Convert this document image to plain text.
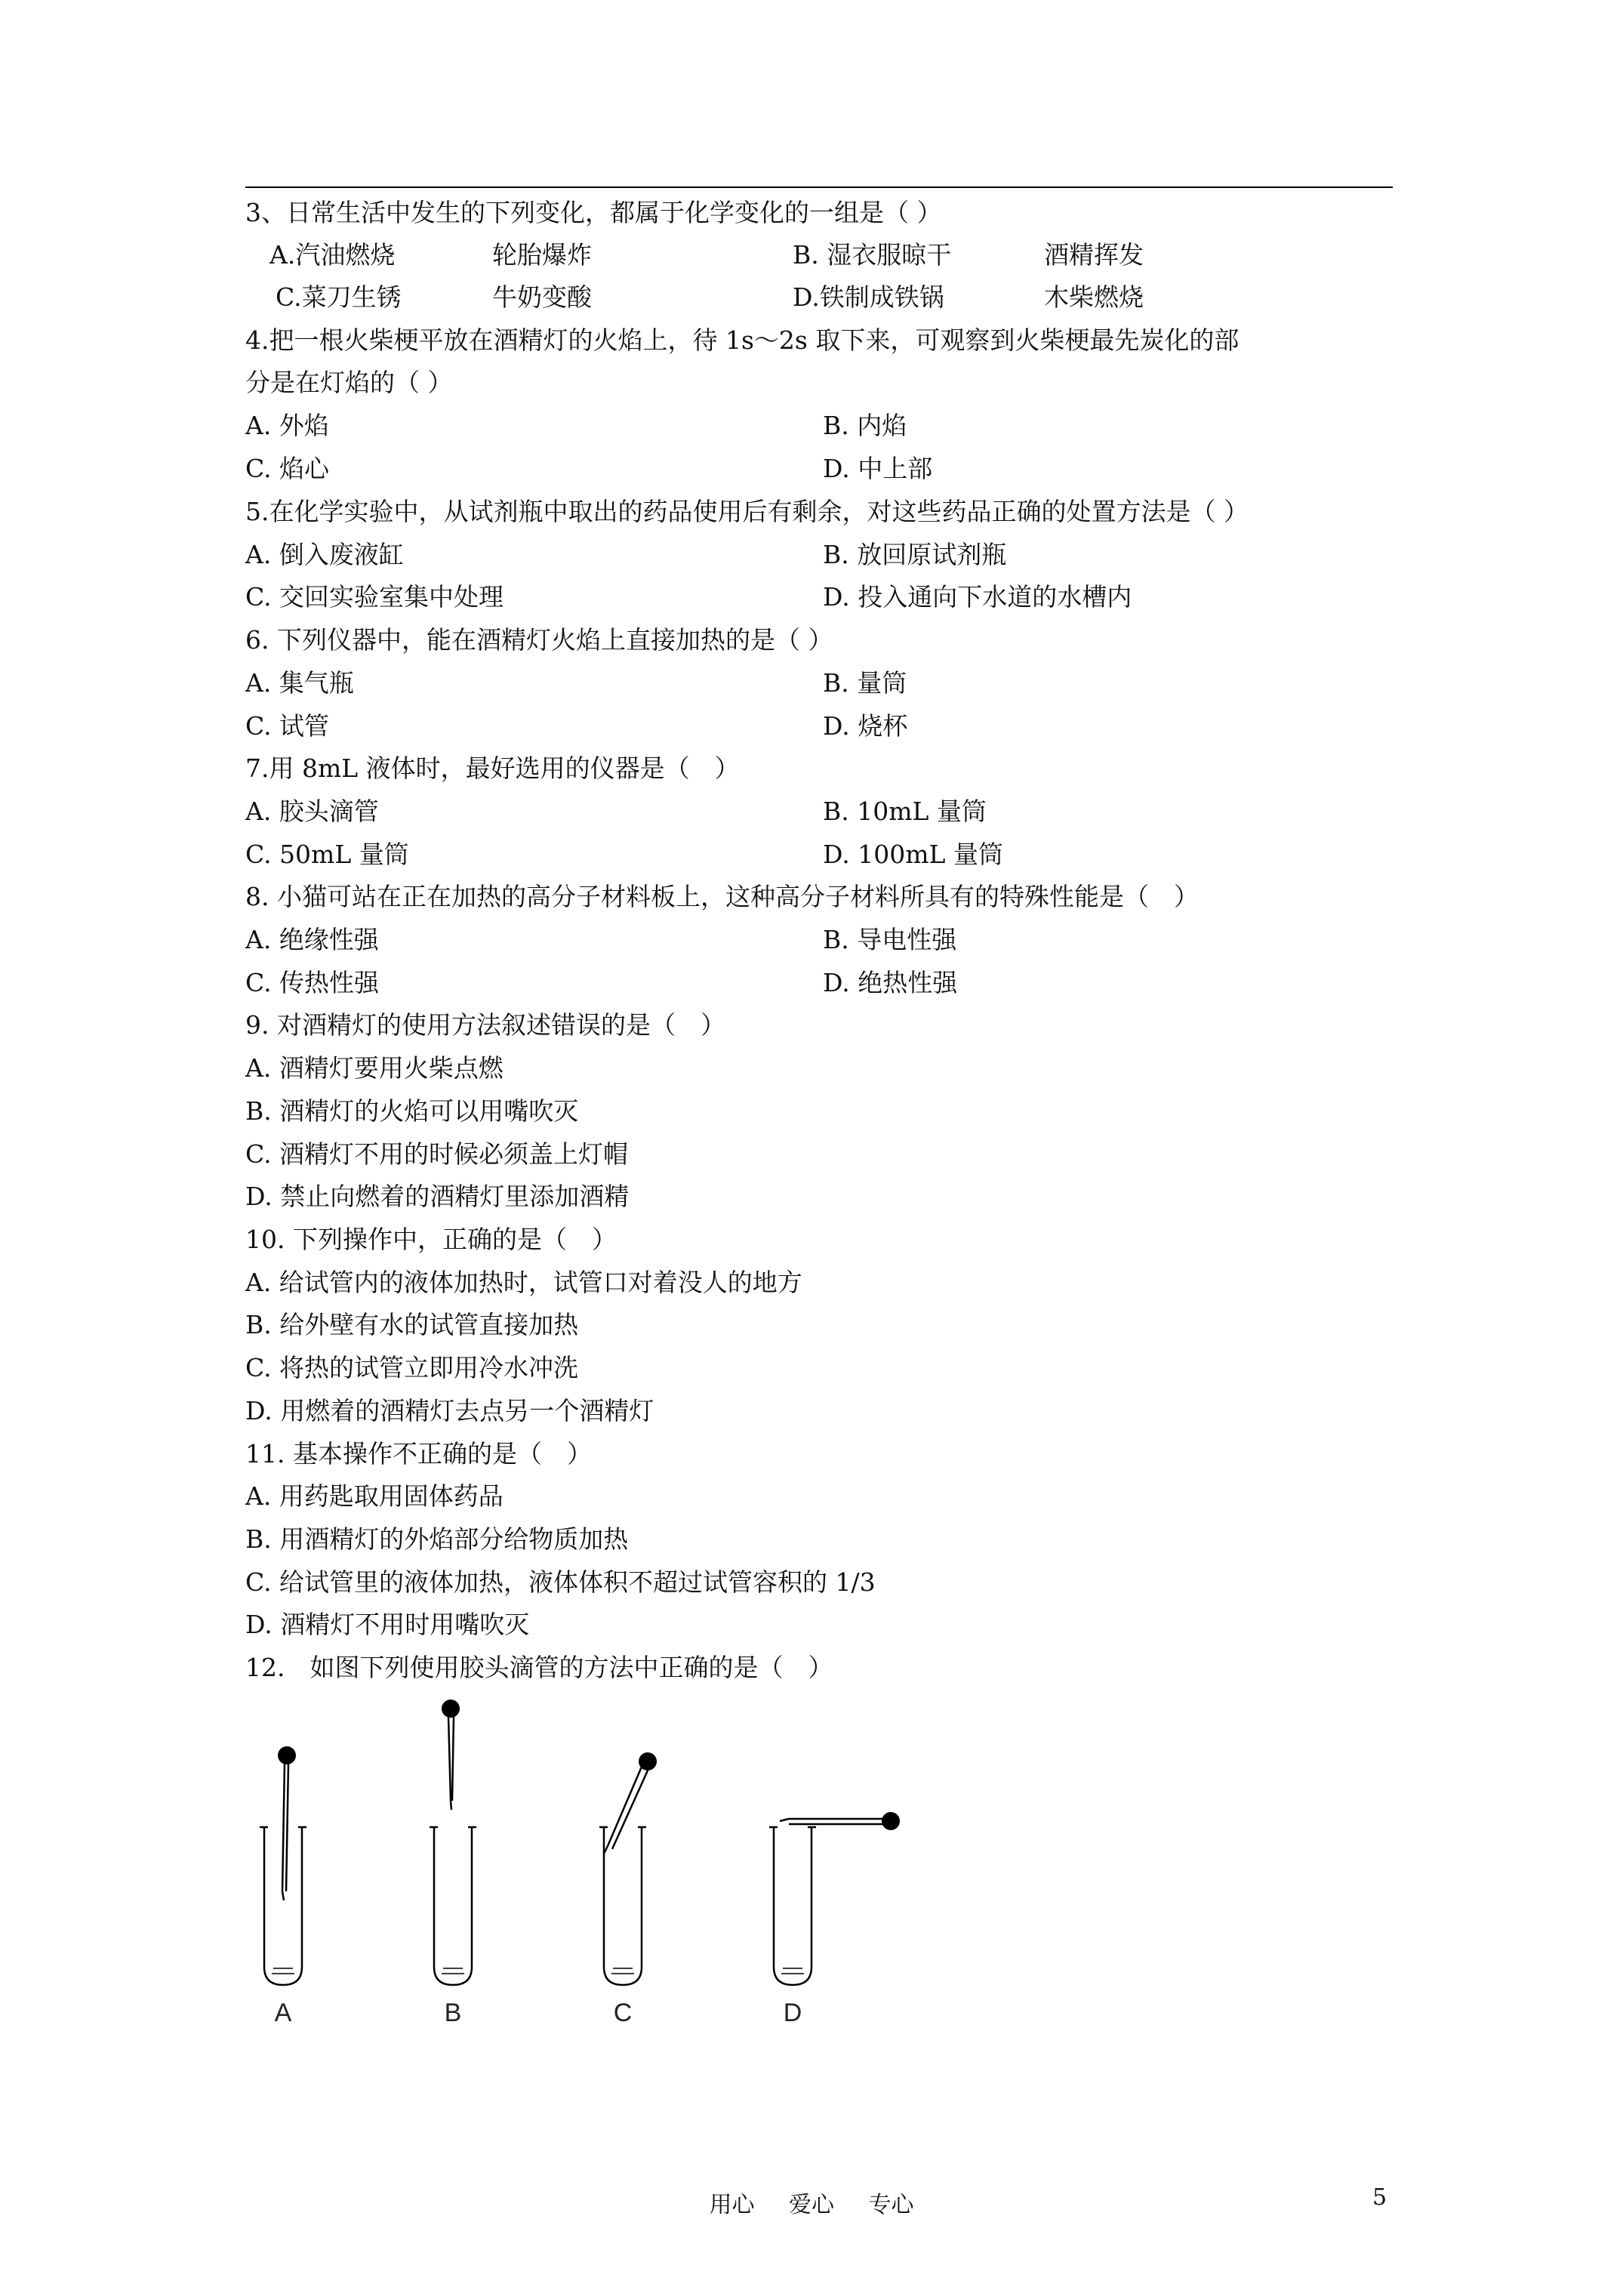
3、日常生活中发生的下列变化，都属于化学变化的一组是（ ）
A.汽油燃烧	轮胎爆炸	B. 湿衣服晾干	酒精挥发
C.菜刀生锈	牛奶变酸	D.铁制成铁锅	木柴燃烧
4.把一根火柴梗平放在酒精灯的火焰上，待 1s～2s 取下来，可观察到火柴梗最先炭化的部
分是在灯焰的（ ）
A. 外焰	B. 内焰
C. 焰心	D. 中上部
5.在化学实验中，从试剂瓶中取出的药品使用后有剩余，对这些药品正确的处置方法是（ ）
A. 倒入废液缸	B. 放回原试剂瓶
C. 交回实验室集中处理	D. 投入通向下水道的水槽内
6. 下列仪器中，能在酒精灯火焰上直接加热的是（ ）
A. 集气瓶	B. 量筒
C. 试管	D. 烧杯
7.用 8mL 液体时，最好选用的仪器是（　）
A. 胶头滴管	B. 10mL 量筒
C. 50mL 量筒	D. 100mL 量筒
8. 小猫可站在正在加热的高分子材料板上，这种高分子材料所具有的特殊性能是（　）
A. 绝缘性强	B. 导电性强
C. 传热性强	D. 绝热性强
9. 对酒精灯的使用方法叙述错误的是（　）
A. 酒精灯要用火柴点燃
B. 酒精灯的火焰可以用嘴吹灭
C. 酒精灯不用的时候必须盖上灯帽
D. 禁止向燃着的酒精灯里添加酒精
10. 下列操作中，正确的是（　）
A. 给试管内的液体加热时，试管口对着没人的地方
B. 给外壁有水的试管直接加热
C. 将热的试管立即用冷水冲洗
D. 用燃着的酒精灯去点另一个酒精灯
11. 基本操作不正确的是（　）
A. 用药匙取用固体药品
B. 用酒精灯的外焰部分给物质加热
C. 给试管里的液体加热，液体体积不超过试管容积的 1/3
D. 酒精灯不用时用嘴吹灭
12.　如图下列使用胶头滴管的方法中正确的是（　）
A	B	C	D
用心 爱心 专心	5
